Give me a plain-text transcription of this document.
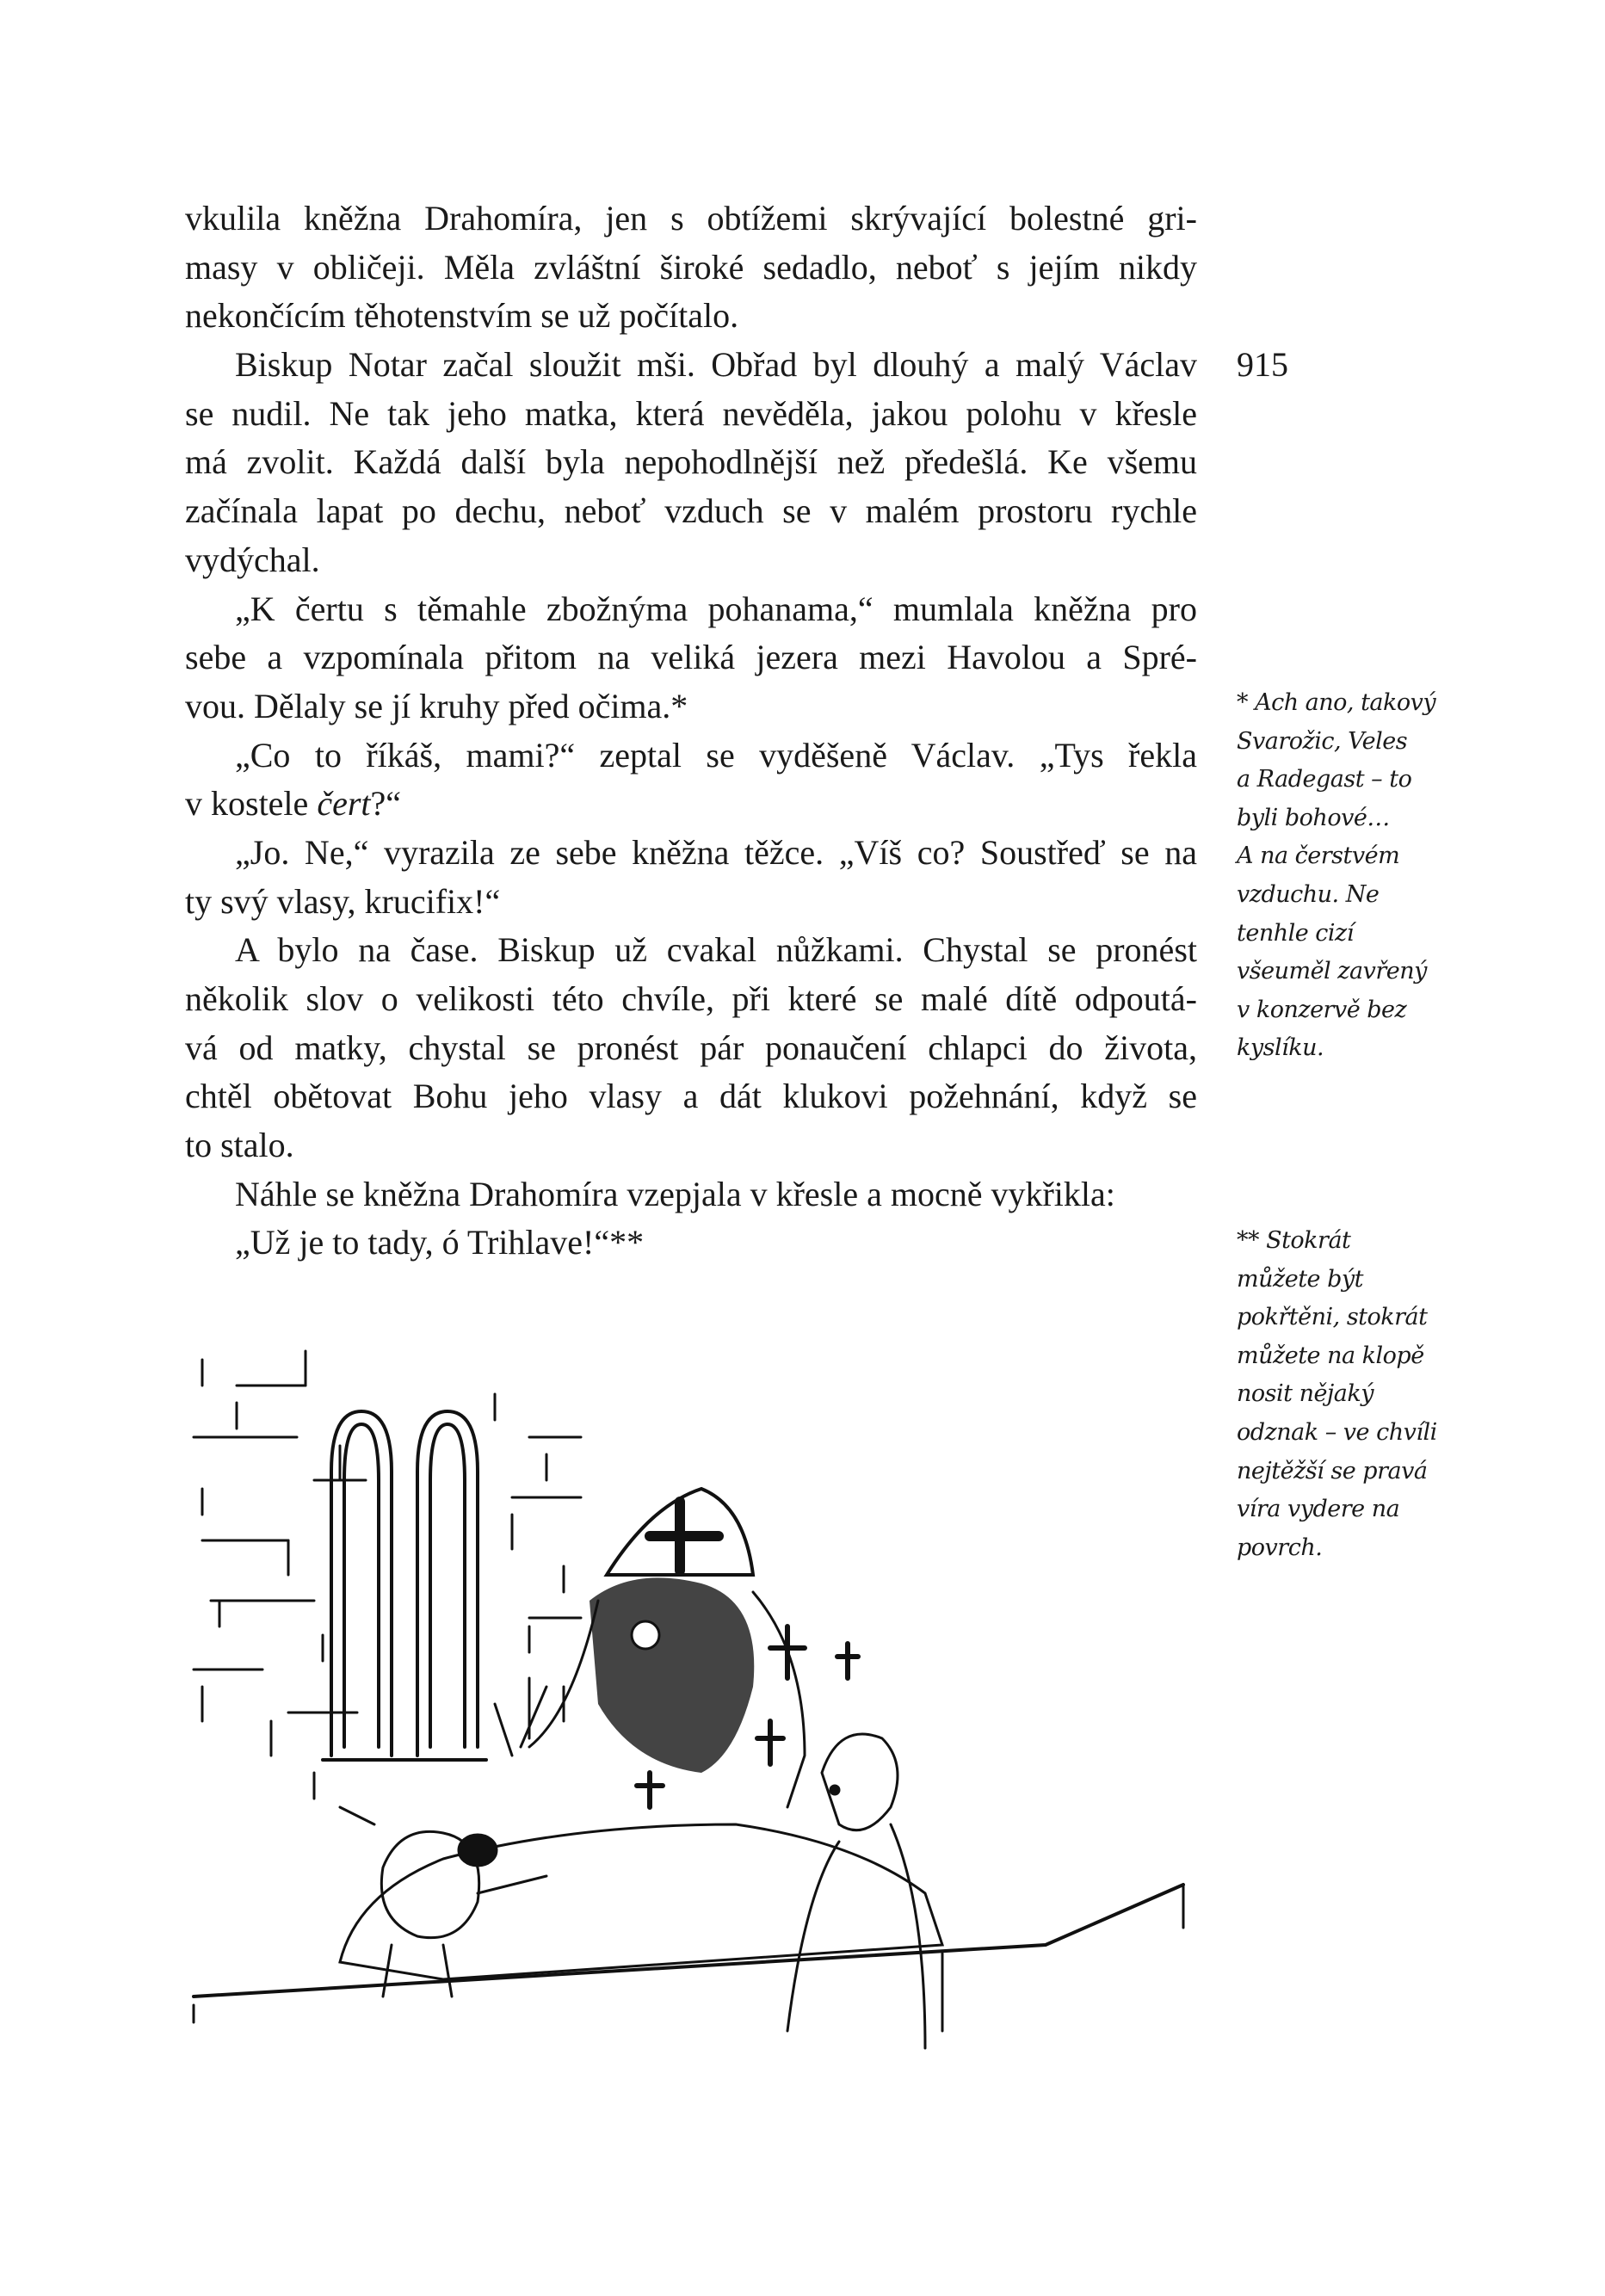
vkulila kněžna Drahomíra, jen s obtížemi skrývající bolestné gri-
masy v obličeji. Měla zvláštní široké sedadlo, neboť s jejím nikdy
nekončícím těhotenstvím se už počítalo.
Biskup Notar začal sloužit mši. Obřad byl dlouhý a malý Václav
se nudil. Ne tak jeho matka, která nevěděla, jakou polohu v křesle
má zvolit. Každá další byla nepohodlnější než předešlá. Ke všemu
začínala lapat po dechu, neboť vzduch se v malém prostoru rychle
vydýchal.
„K čertu s těmahle zbožnýma pohanama,“ mumlala kněžna pro
sebe a vzpomínala přitom na veliká jezera mezi Havolou a Spré-
vou. Dělaly se jí kruhy před očima.*
„Co to říkáš, mami?“ zeptal se vyděšeně Václav. „Tys řekla
v kostele čert?“
„Jo. Ne,“ vyrazila ze sebe kněžna těžce. „Víš co? Soustřeď se na
ty svý vlasy, krucifix!“
A bylo na čase. Biskup už cvakal nůžkami. Chystal se pronést
několik slov o velikosti této chvíle, při které se malé dítě odpoutá-
vá od matky, chystal se pronést pár ponaučení chlapci do života,
chtěl obětovat Bohu jeho vlasy a dát klukovi požehnání, když se
to stalo.
Náhle se kněžna Drahomíra vzepjala v křesle a mocně vykřikla:
„Už je to tady, ó Trihlave!“**
915
* Ach ano, takový
Svarožic, Veles
a Radegast – to
byli bohové…
A na čerstvém
vzduchu. Ne
tenhle cizí
všeuměl zavřený
v konzervě bez
kyslíku.
** Stokrát
můžete být
pokřtěni, stokrát
můžete na klopě
nosit nějaký
odznak – ve chvíli
nejtěžší se pravá
víra vydere na
povrch.
